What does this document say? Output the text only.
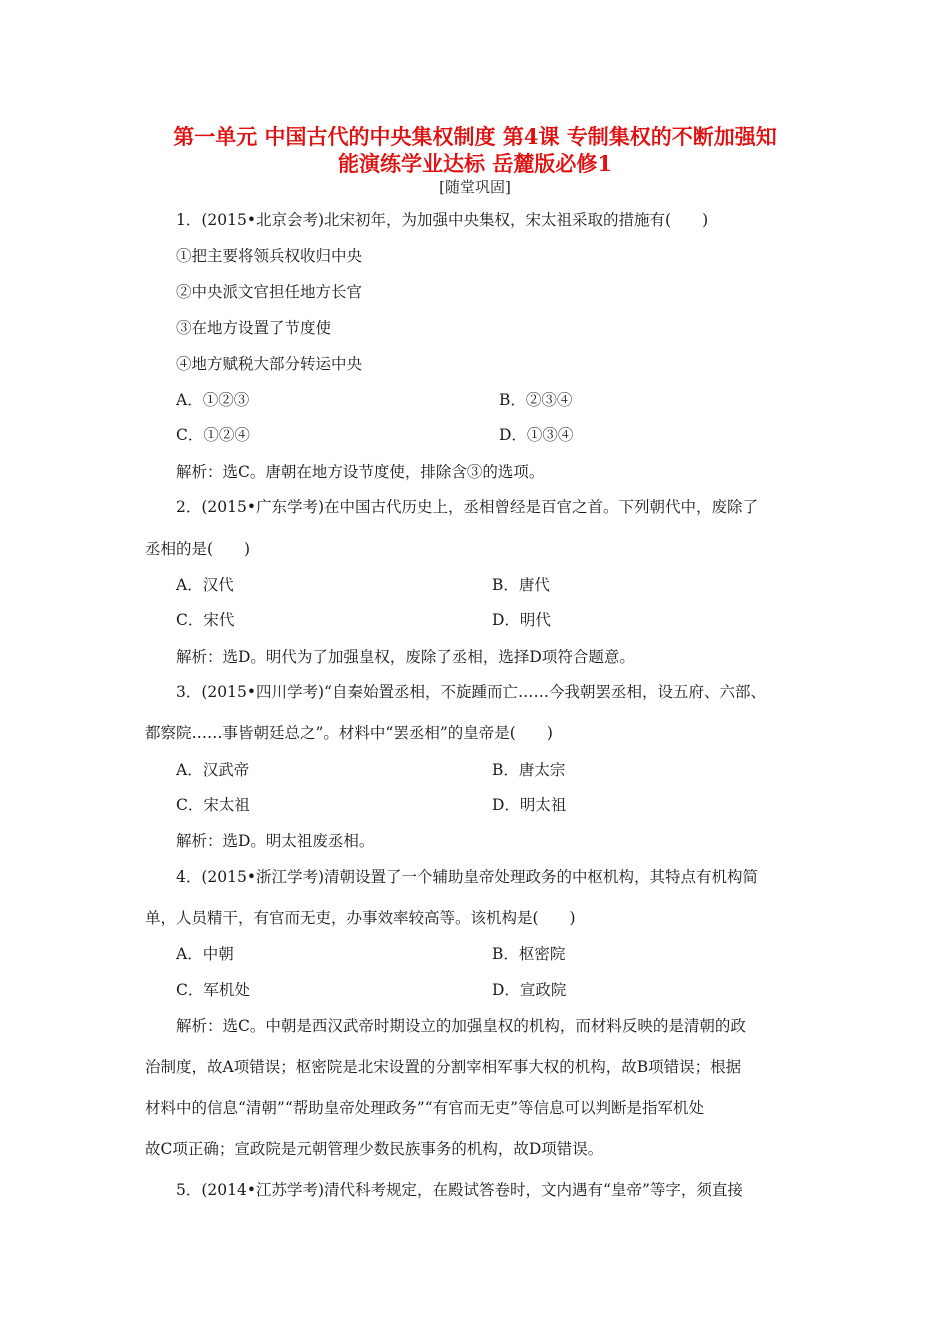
第一单元 中国古代的中央集权制度 第4课 专制集权的不断加强知
能演练学业达标 岳麓版必修1
[随堂巩固]
1．(2015•北京会考)北宋初年，为加强中央集权，宋太祖采取的措施有(　　)
①把主要将领兵权收归中央
②中央派文官担任地方长官
③在地方设置了节度使
④地方赋税大部分转运中央
A．①②③	B．②③④
C．①②④	D．①③④
解析：选C。唐朝在地方设节度使，排除含③的选项。
2．(2015•广东学考)在中国古代历史上，丞相曾经是百官之首。下列朝代中，废除了
丞相的是(　　)
A．汉代	B．唐代
C．宋代	D．明代
解析：选D。明代为了加强皇权，废除了丞相，选择D项符合题意。
3．(2015•四川学考)“自秦始置丞相，不旋踵而亡……今我朝罢丞相，设五府、六部、
都察院……事皆朝廷总之”。材料中“罢丞相”的皇帝是(　　)
A．汉武帝	B．唐太宗
C．宋太祖	D．明太祖
解析：选D。明太祖废丞相。
4．(2015•浙江学考)清朝设置了一个辅助皇帝处理政务的中枢机构，其特点有机构简
单，人员精干，有官而无吏，办事效率较高等。该机构是(　　)
A．中朝	B．枢密院
C．军机处	D．宣政院
解析：选C。中朝是西汉武帝时期设立的加强皇权的机构，而材料反映的是清朝的政
治制度，故A项错误；枢密院是北宋设置的分割宰相军事大权的机构，故B项错误；根据
材料中的信息“清朝”“帮助皇帝处理政务”“有官而无吏”等信息可以判断是指军机处
故C项正确；宣政院是元朝管理少数民族事务的机构，故D项错误。
5．(2014•江苏学考)清代科考规定，在殿试答卷时，文内遇有“皇帝”等字，须直接
